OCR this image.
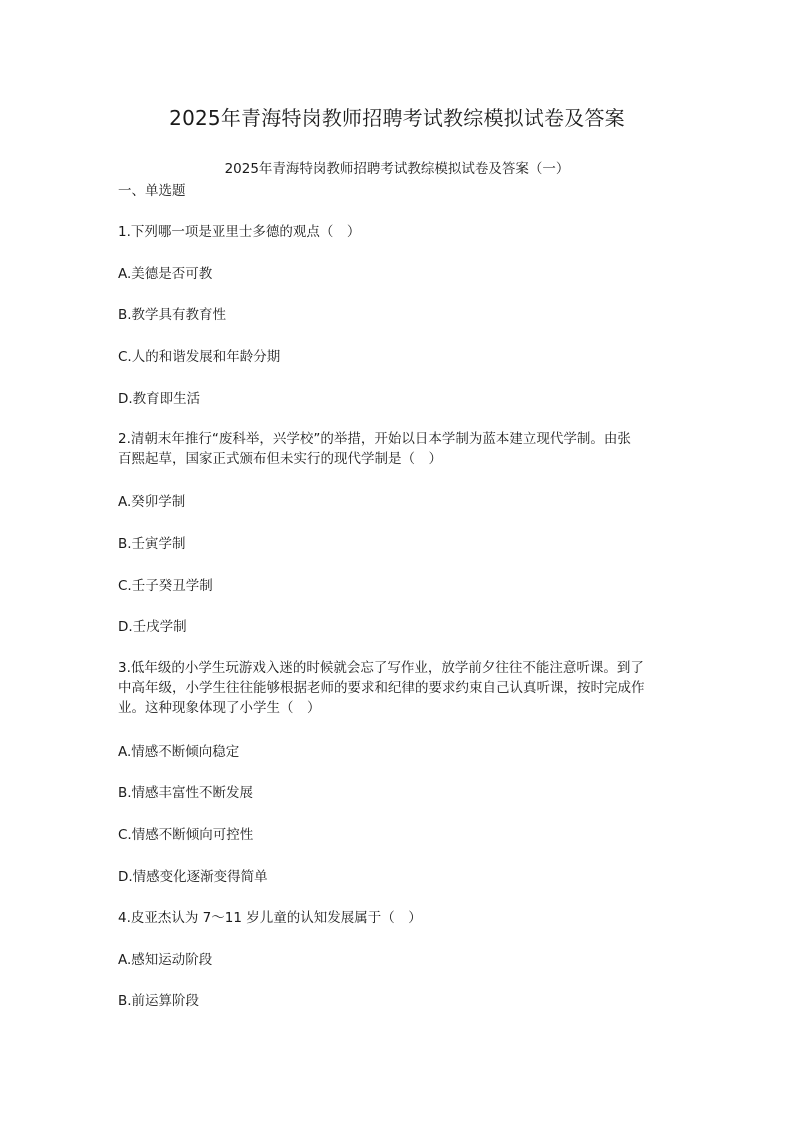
2025年青海特岗教师招聘考试教综模拟试卷及答案
2025年青海特岗教师招聘考试教综模拟试卷及答案（一）
一、单选题
1.下列哪一项是亚里士多德的观点（　）
A.美德是否可教
B.教学具有教育性
C.人的和谐发展和年龄分期
D.教育即生活
2.清朝末年推行“废科举，兴学校”的举措，开始以日本学制为蓝本建立现代学制。由张
百熙起草，国家正式颁布但未实行的现代学制是（　）
A.癸卯学制
B.壬寅学制
C.壬子癸丑学制
D.壬戌学制
3.低年级的小学生玩游戏入迷的时候就会忘了写作业，放学前夕往往不能注意听课。到了
中高年级，小学生往往能够根据老师的要求和纪律的要求约束自己认真听课，按时完成作
业。这种现象体现了小学生（　）
A.情感不断倾向稳定
B.情感丰富性不断发展
C.情感不断倾向可控性
D.情感变化逐渐变得简单
4.皮亚杰认为 7～11 岁儿童的认知发展属于（　）
A.感知运动阶段
B.前运算阶段
